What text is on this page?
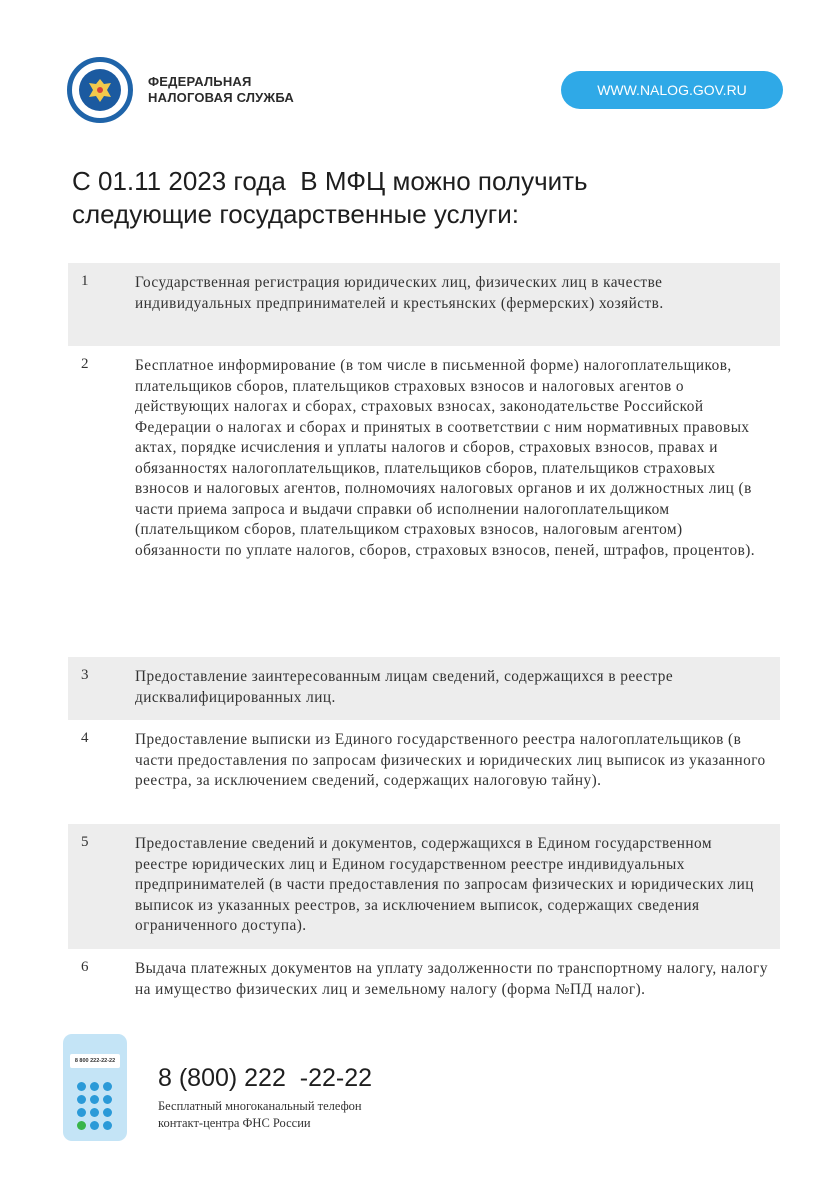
ФЕДЕРАЛЬНАЯ
НАЛОГОВАЯ СЛУЖБА	WWW.NALOG.GOV.RU
С 01.11 2023 года  В МФЦ можно получить
следующие государственные услуги:
1	Государственная регистрация юридических лиц, физических лиц в качестве индивидуальных предпринимателей и крестьянских (фермерских) хозяйств.
2	Бесплатное информирование (в том числе в письменной форме) налогоплательщиков, плательщиков сборов, плательщиков страховых взносов и налоговых агентов о действующих налогах и сборах, страховых взносах, законодательстве Российской Федерации о налогах и сборах и принятых в соответствии с ним нормативных правовых актах, порядке исчисления и уплаты налогов и сборов, страховых взносов, правах и обязанностях налогоплательщиков, плательщиков сборов, плательщиков страховых взносов и налоговых агентов, полномочиях налоговых органов и их должностных лиц (в части приема запроса и выдачи справки об исполнении налогоплательщиком (плательщиком сборов, плательщиком страховых взносов, налоговым агентом) обязанности по уплате налогов, сборов, страховых взносов, пеней, штрафов, процентов).
3	Предоставление заинтересованным лицам сведений, содержащихся в реестре дисквалифицированных лиц.
4	Предоставление выписки из Единого государственного реестра налогоплательщиков (в части предоставления по запросам физических и юридических лиц выписок из указанного реестра, за исключением сведений, содержащих налоговую тайну).
5	Предоставление сведений и документов, содержащихся в Едином государственном реестре юридических лиц и Едином государственном реестре индивидуальных предпринимателей (в части предоставления по запросам физических и юридических лиц выписок из указанных реестров, за исключением выписок, содержащих сведения ограниченного доступа).
6	Выдача платежных документов на уплату задолженности по транспортному налогу, налогу на имущество физических лиц и земельному налогу (форма №ПД налог).
8 800 222-22-22
8 (800) 222  -22-22
Бесплатный многоканальный телефон
контакт-центра ФНС России
